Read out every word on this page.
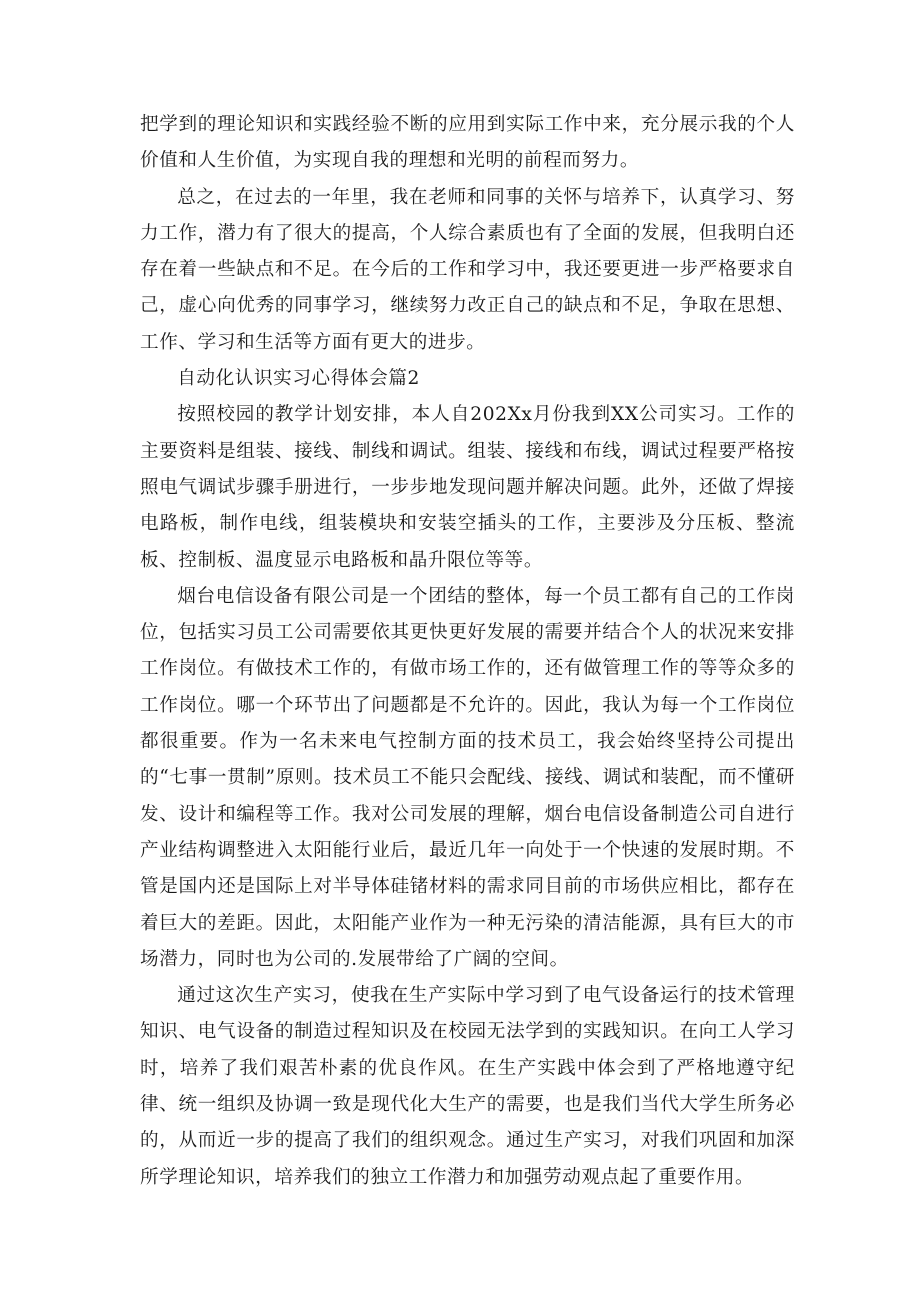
把学到的理论知识和实践经验不断的应用到实际工作中来，充分展示我的个人价值和人生价值，为实现自我的理想和光明的前程而努力。

总之，在过去的一年里，我在老师和同事的关怀与培养下，认真学习、努力工作，潜力有了很大的提高，个人综合素质也有了全面的发展，但我明白还存在着一些缺点和不足。在今后的工作和学习中，我还要更进一步严格要求自己，虚心向优秀的同事学习，继续努力改正自己的缺点和不足，争取在思想、工作、学习和生活等方面有更大的进步。

自动化认识实习心得体会篇2

按照校园的教学计划安排，本人自202Xx月份我到XX公司实习。工作的主要资料是组装、接线、制线和调试。组装、接线和布线，调试过程要严格按照电气调试步骤手册进行，一步步地发现问题并解决问题。此外，还做了焊接电路板，制作电线，组装模块和安装空插头的工作，主要涉及分压板、整流板、控制板、温度显示电路板和晶升限位等等。

烟台电信设备有限公司是一个团结的整体，每一个员工都有自己的工作岗位，包括实习员工公司需要依其更快更好发展的需要并结合个人的状况来安排工作岗位。有做技术工作的，有做市场工作的，还有做管理工作的等等众多的工作岗位。哪一个环节出了问题都是不允许的。因此，我认为每一个工作岗位都很重要。作为一名未来电气控制方面的技术员工，我会始终坚持公司提出的“七事一贯制”原则。技术员工不能只会配线、接线、调试和装配，而不懂研发、设计和编程等工作。我对公司发展的理解，烟台电信设备制造公司自进行产业结构调整进入太阳能行业后，最近几年一向处于一个快速的发展时期。不管是国内还是国际上对半导体硅锗材料的需求同目前的市场供应相比，都存在着巨大的差距。因此，太阳能产业作为一种无污染的清洁能源，具有巨大的市场潜力，同时也为公司的.发展带给了广阔的空间。

通过这次生产实习，使我在生产实际中学习到了电气设备运行的技术管理知识、电气设备的制造过程知识及在校园无法学到的实践知识。在向工人学习时，培养了我们艰苦朴素的优良作风。在生产实践中体会到了严格地遵守纪律、统一组织及协调一致是现代化大生产的需要，也是我们当代大学生所务必的，从而近一步的提高了我们的组织观念。通过生产实习，对我们巩固和加深所学理论知识，培养我们的独立工作潜力和加强劳动观点起了重要作用。
